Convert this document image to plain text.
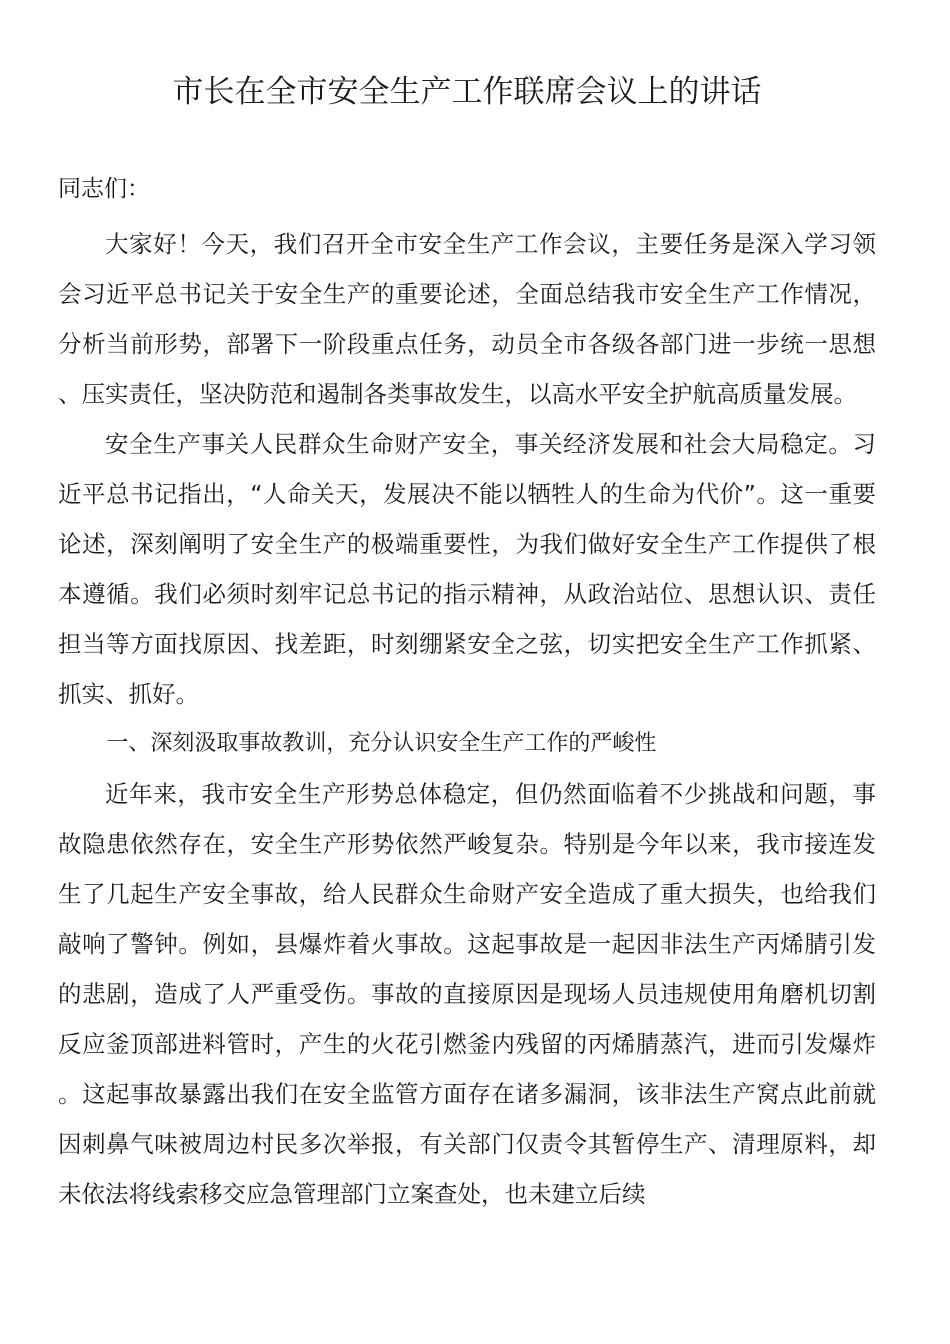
市长在全市安全生产工作联席会议上的讲话

同志们：

大家好！今天，我们召开全市安全生产工作会议，主要任务是深入学习领会习近平总书记关于安全生产的重要论述，全面总结我市安全生产工作情况，分析当前形势，部署下一阶段重点任务，动员全市各级各部门进一步统一思想、压实责任，坚决防范和遏制各类事故发生，以高水平安全护航高质量发展。

安全生产事关人民群众生命财产安全，事关经济发展和社会大局稳定。习近平总书记指出，“人命关天，发展决不能以牺牲人的生命为代价”。这一重要论述，深刻阐明了安全生产的极端重要性，为我们做好安全生产工作提供了根本遵循。我们必须时刻牢记总书记的指示精神，从政治站位、思想认识、责任担当等方面找原因、找差距，时刻绷紧安全之弦，切实把安全生产工作抓紧、抓实、抓好。

一、深刻汲取事故教训，充分认识安全生产工作的严峻性

近年来，我市安全生产形势总体稳定，但仍然面临着不少挑战和问题，事故隐患依然存在，安全生产形势依然严峻复杂。特别是今年以来，我市接连发生了几起生产安全事故，给人民群众生命财产安全造成了重大损失，也给我们敲响了警钟。例如，县爆炸着火事故。这起事故是一起因非法生产丙烯腈引发的悲剧，造成了人严重受伤。事故的直接原因是现场人员违规使用角磨机切割反应釜顶部进料管时，产生的火花引燃釜内残留的丙烯腈蒸汽，进而引发爆炸。这起事故暴露出我们在安全监管方面存在诸多漏洞，该非法生产窝点此前就因刺鼻气味被周边村民多次举报，有关部门仅责令其暂停生产、清理原料，却未依法将线索移交应急管理部门立案查处，也未建立后续
